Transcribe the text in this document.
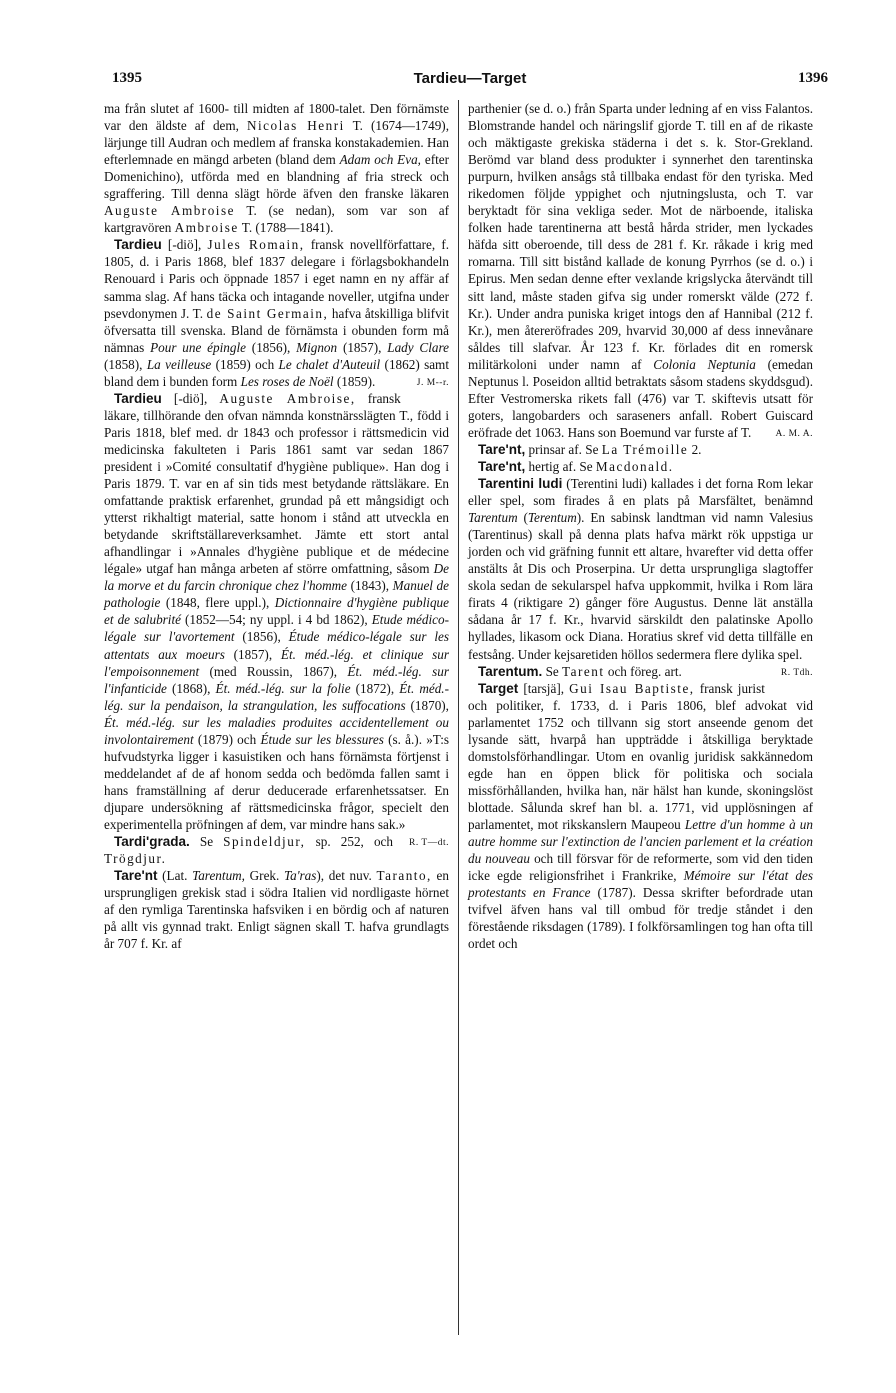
1395	Tardieu—Target	1396

ma från slutet af 1600- till midten af 1800-talet. Den förnämste var den äldste af dem, Nicolas Henri T. (1674—1749), lärjunge till Audran och medlem af franska konstakademien. Han efterlemnade en mängd arbeten (bland dem Adam och Eva, efter Domenichino), utförda med en blandning af fria streck och sgraffering. Till denna slägt hörde äfven den franske läkaren Auguste Ambroise T. (se nedan), som var son af kartgravören Ambroise T. (1788—1841).

Tardieu [-diö], Jules Romain, fransk novellförfattare, f. 1805, d. i Paris 1868, blef 1837 delegare i förlagsbokhandeln Renouard i Paris och öppnade 1857 i eget namn en ny affär af samma slag. Af hans täcka och intagande noveller, utgifna under psevdonymen J. T. de Saint Germain, hafva åtskilliga blifvit öfversatta till svenska. Bland de förnämsta i obunden form må nämnas Pour une épingle (1856), Mignon (1857), Lady Clare (1858), La veilleuse (1859) och Le chalet d'Auteuil (1862) samt bland dem i bunden form Les roses de Noël (1859).	J. M--r.

Tardieu [-diö], Auguste Ambroise, fransk läkare, tillhörande den ofvan nämnda konstnärsslägten T., född i Paris 1818, blef med. dr 1843 och professor i rättsmedicin vid medicinska fakulteten i Paris 1861 samt var sedan 1867 president i »Comité consultatif d'hygiène publique». Han dog i Paris 1879. T. var en af sin tids mest betydande rättsläkare. En omfattande praktisk erfarenhet, grundad på ett mångsidigt och ytterst rikhaltigt material, satte honom i stånd att utveckla en betydande skriftställareverksamhet. Jämte ett stort antal afhandlingar i »Annales d'hygiène publique et de médecine légale» utgaf han många arbeten af större omfattning, såsom De la morve et du farcin chronique chez l'homme (1843), Manuel de pathologie (1848, flere uppl.), Dictionnaire d'hygiène publique et de salubrité (1852—54; ny uppl. i 4 bd 1862), Etude médico-légale sur l'avortement (1856), Étude médico-légale sur les attentats aux moeurs (1857), Ét. méd.-lég. et clinique sur l'empoisonnement (med Roussin, 1867), Ét. méd.-lég. sur l'infanticide (1868), Ét. méd.-lég. sur la folie (1872), Ét. méd.-lég. sur la pendaison, la strangulation, les suffocations (1870), Ét. méd.-lég. sur les maladies produites accidentellement ou involontairement (1879) och Étude sur les blessures (s. å.). »T:s hufvudstyrka ligger i kasuistiken och hans förnämsta förtjenst i meddelandet af de af honom sedda och bedömda fallen samt i hans framställning af derur deducerade erfarenhetssatser. En djupare undersökning af rättsmedicinska frågor, specielt den experimentella pröfningen af dem, var mindre hans sak.»
R. T—dt.

Tardi'grada. Se Spindeldjur, sp. 252, och Trögdjur.

Tare'nt (Lat. Tarentum, Grek. Ta'ras), det nuv. Taranto, en ursprungligen grekisk stad i södra Italien vid nordligaste hörnet af den rymliga Tarentinska hafsviken i en bördig och af naturen på allt vis gynnad trakt. Enligt sägnen skall T. hafva grundlagts år 707 f. Kr. af

parthenier (se d. o.) från Sparta under ledning af en viss Falantos. Blomstrande handel och näringslif gjorde T. till en af de rikaste och mäktigaste grekiska städerna i det s. k. Stor-Grekland. Berömd var bland dess produkter i synnerhet den tarentinska purpurn, hvilken ansågs stå tillbaka endast för den tyriska. Med rikedomen följde yppighet och njutningslusta, och T. var beryktadt för sina vekliga seder. Mot de närboende, italiska folken hade tarentinerna att bestå hårda strider, men lyckades häfda sitt oberoende, till dess de 281 f. Kr. råkade i krig med romarna. Till sitt bistånd kallade de konung Pyrrhos (se d. o.) i Epirus. Men sedan denne efter vexlande krigslycka återvändt till sitt land, måste staden gifva sig under romerskt välde (272 f. Kr.). Under andra puniska kriget intogs den af Hannibal (212 f. Kr.), men återeröfrades 209, hvarvid 30,000 af dess innevånare såldes till slafvar. År 123 f. Kr. förlades dit en romersk militärkoloni under namn af Colonia Neptunia (emedan Neptunus l. Poseidon alltid betraktats såsom stadens skyddsgud). Efter Vestromerska rikets fall (476) var T. skiftevis utsatt för goters, langobarders och saraseners anfall. Robert Guiscard eröfrade det 1063. Hans son Boemund var furste af T.	A. M. A.

Tare'nt, prinsar af. Se La Trémoille 2.

Tare'nt, hertig af. Se Macdonald.

Tarentini ludi (Terentini ludi) kallades i det forna Rom lekar eller spel, som firades å en plats på Marsfältet, benämnd Tarentum (Terentum). En sabinsk landtman vid namn Valesius (Tarentinus) skall på denna plats hafva märkt rök uppstiga ur jorden och vid gräfning funnit ett altare, hvarefter vid detta offer anstälts åt Dis och Proserpina. Ur detta ursprungliga slagtoffer skola sedan de sekularspel hafva uppkommit, hvilka i Rom lära firats 4 (riktigare 2) gånger före Augustus. Denne lät anställa sådana år 17 f. Kr., hvarvid särskildt den palatinske Apollo hyllades, likasom ock Diana. Horatius skref vid detta tillfälle en festsång. Under kejsaretiden höllos sedermera flere dylika spel.
R. Tdh.

Tarentum. Se Tarent och föreg. art.

Target [tarsjä], Gui Isau Baptiste, fransk jurist och politiker, f. 1733, d. i Paris 1806, blef advokat vid parlamentet 1752 och tillvann sig stort anseende genom det lysande sätt, hvarpå han uppträdde i åtskilliga beryktade domstolsförhandlingar. Utom en ovanlig juridisk sakkännedom egde han en öppen blick för politiska och sociala missförhållanden, hvilka han, när hälst han kunde, skoningslöst blottade. Sålunda skref han bl. a. 1771, vid upplösningen af parlamentet, mot rikskanslern Maupeou Lettre d'un homme à un autre homme sur l'extinction de l'ancien parlement et la création du nouveau och till försvar för de reformerte, som vid den tiden icke egde religionsfrihet i Frankrike, Mémoire sur l'état des protestants en France (1787). Dessa skrifter befordrade utan tvifvel äfven hans val till ombud för tredje ståndet i den förestående riksdagen (1789). I folkförsamlingen tog han ofta till ordet och
